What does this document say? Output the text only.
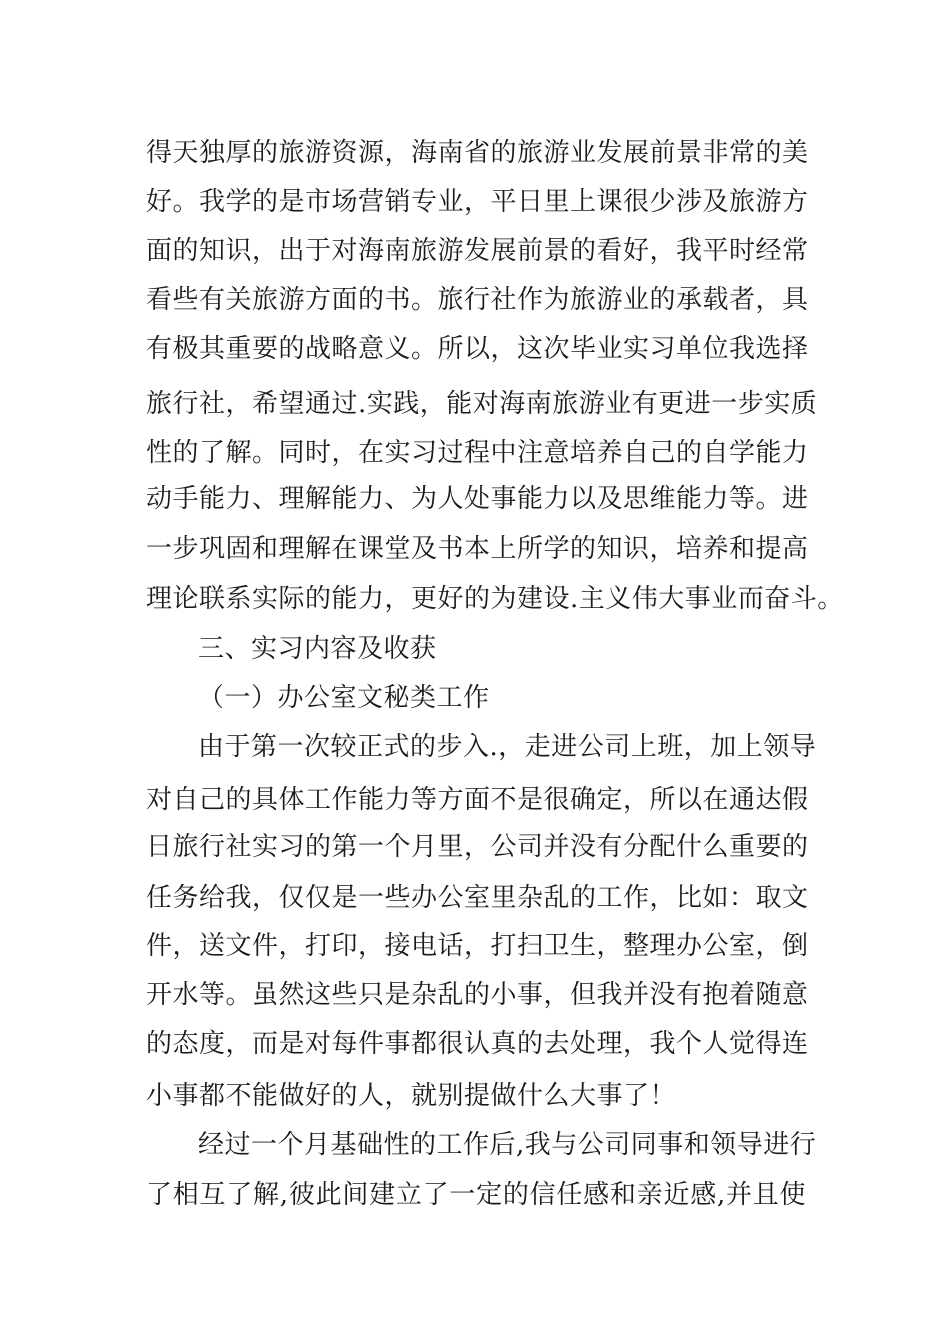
得天独厚的旅游资源，海南省的旅游业发展前景非常的美
好。我学的是市场营销专业，平日里上课很少涉及旅游方
面的知识，出于对海南旅游发展前景的看好，我平时经常
看些有关旅游方面的书。旅行社作为旅游业的承载者，具
有极其重要的战略意义。所以，这次毕业实习单位我选择
旅行社，希望通过.实践，能对海南旅游业有更进一步实质
性的了解。同时，在实习过程中注意培养自己的自学能力
动手能力、理解能力、为人处事能力以及思维能力等。进
一步巩固和理解在课堂及书本上所学的知识，培养和提高
理论联系实际的能力，更好的为建设.主义伟大事业而奋斗。
三、实习内容及收获
（一）办公室文秘类工作
由于第一次较正式的步入.，走进公司上班，加上领导
对自己的具体工作能力等方面不是很确定，所以在通达假
日旅行社实习的第一个月里，公司并没有分配什么重要的
任务给我，仅仅是一些办公室里杂乱的工作，比如：取文
件，送文件，打印，接电话，打扫卫生，整理办公室，倒
开水等。虽然这些只是杂乱的小事，但我并没有抱着随意
的态度，而是对每件事都很认真的去处理，我个人觉得连
小事都不能做好的人，就别提做什么大事了！
经过一个月基础性的工作后,我与公司同事和领导进行
了相互了解,彼此间建立了一定的信任感和亲近感,并且使
